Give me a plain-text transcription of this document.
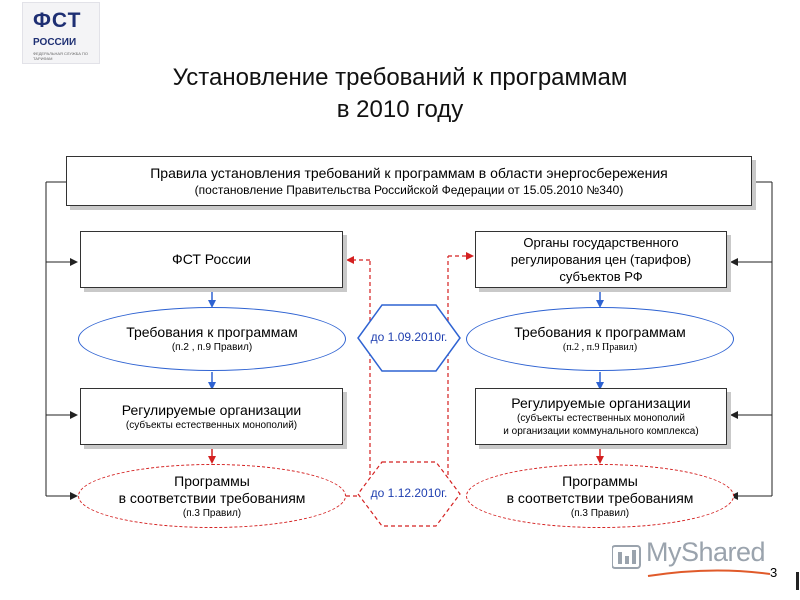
ФСТ
РОССИИ
ФЕДЕРАЛЬНАЯ СЛУЖБА ПО ТАРИФАМ
Установление требований к программам
в 2010 году
Правила установления требований к программам в области энергосбережения
(постановление Правительства Российской Федерации от 15.05.2010 №340)
ФСТ России
Требования к программам
(п.2 , п.9 Правил)
Регулируемые организации
(субъекты естественных монополий)
Программы
в соответствии требованиям
(п.3 Правил)
Органы государственного
регулирования цен (тарифов)
субъектов РФ
Требования к программам
(п.2 , п.9 Правил)
Регулируемые организации
(субъекты естественных монополий
и организации коммунального комплекса)
Программы
в соответствии требованиям
(п.3 Правил)
до 1.09.2010г.
до 1.12.2010г.
MyShared
3
